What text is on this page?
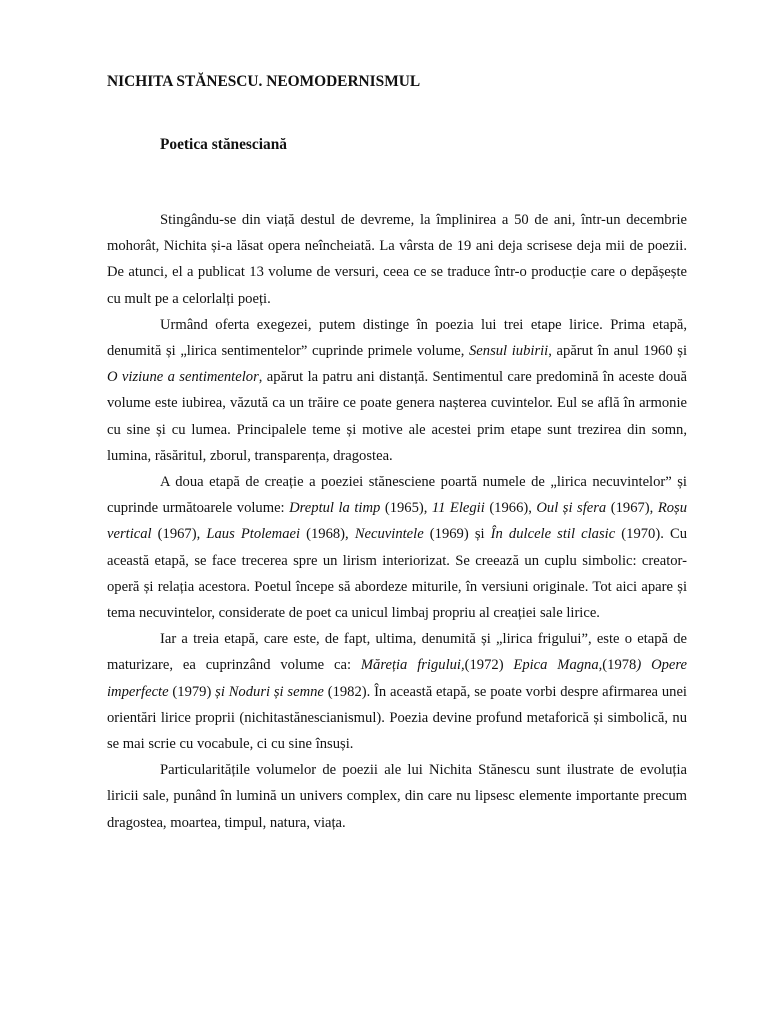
NICHITA STĂNESCU. NEOMODERNISMUL
Poetica stănesciană

Stingându-se din viață destul de devreme, la împlinirea a 50 de ani, într-un decembrie mohorât, Nichita și-a lăsat opera neîncheiată. La vârsta de 19 ani deja scrisese deja mii de poezii. De atunci, el a publicat 13 volume de versuri, ceea ce se traduce într-o producție care o depășește cu mult pe a celorlalți poeți.

Urmând oferta exegezei, putem distinge în poezia lui trei etape lirice. Prima etapă, denumită și „lirica sentimentelor” cuprinde primele volume, Sensul iubirii, apărut în anul 1960 și O viziune a sentimentelor, apărut la patru ani distanță. Sentimentul care predomină în aceste două volume este iubirea, văzută ca un trăire ce poate genera nașterea cuvintelor. Eul se află în armonie cu sine și cu lumea. Principalele teme și motive ale acestei prim etape sunt trezirea din somn, lumina, răsăritul, zborul, transparența, dragostea.

A doua etapă de creație a poeziei stănesciene poartă numele de „lirica necuvintelor” și cuprinde următoarele volume: Dreptul la timp (1965), 11 Elegii (1966), Oul și sfera (1967), Roșu vertical (1967), Laus Ptolemaei (1968), Necuvintele (1969) și În dulcele stil clasic (1970). Cu această etapă, se face trecerea spre un lirism interiorizat. Se creează un cuplu simbolic: creator-operă și relația acestora. Poetul începe să abordeze miturile, în versiuni originale. Tot aici apare și tema necuvintelor, considerate de poet ca unicul limbaj propriu al creației sale lirice.

Iar a treia etapă, care este, de fapt, ultima, denumită și „lirica frigului”, este o etapă de maturizare, ea cuprinzând volume ca: Măreția frigului,(1972) Epica Magna,(1978) Opere imperfecte (1979) și Noduri și semne (1982). În această etapă, se poate vorbi despre afirmarea unei orientări lirice proprii (nichitastănescianismul). Poezia devine profund metaforică și simbolică, nu se mai scrie cu vocabule, ci cu sine însuși.

Particularitățile volumelor de poezii ale lui Nichita Stănescu sunt ilustrate de evoluția liricii sale, punând în lumină un univers complex, din care nu lipsesc elemente importante precum dragostea, moartea, timpul, natura, viața.
